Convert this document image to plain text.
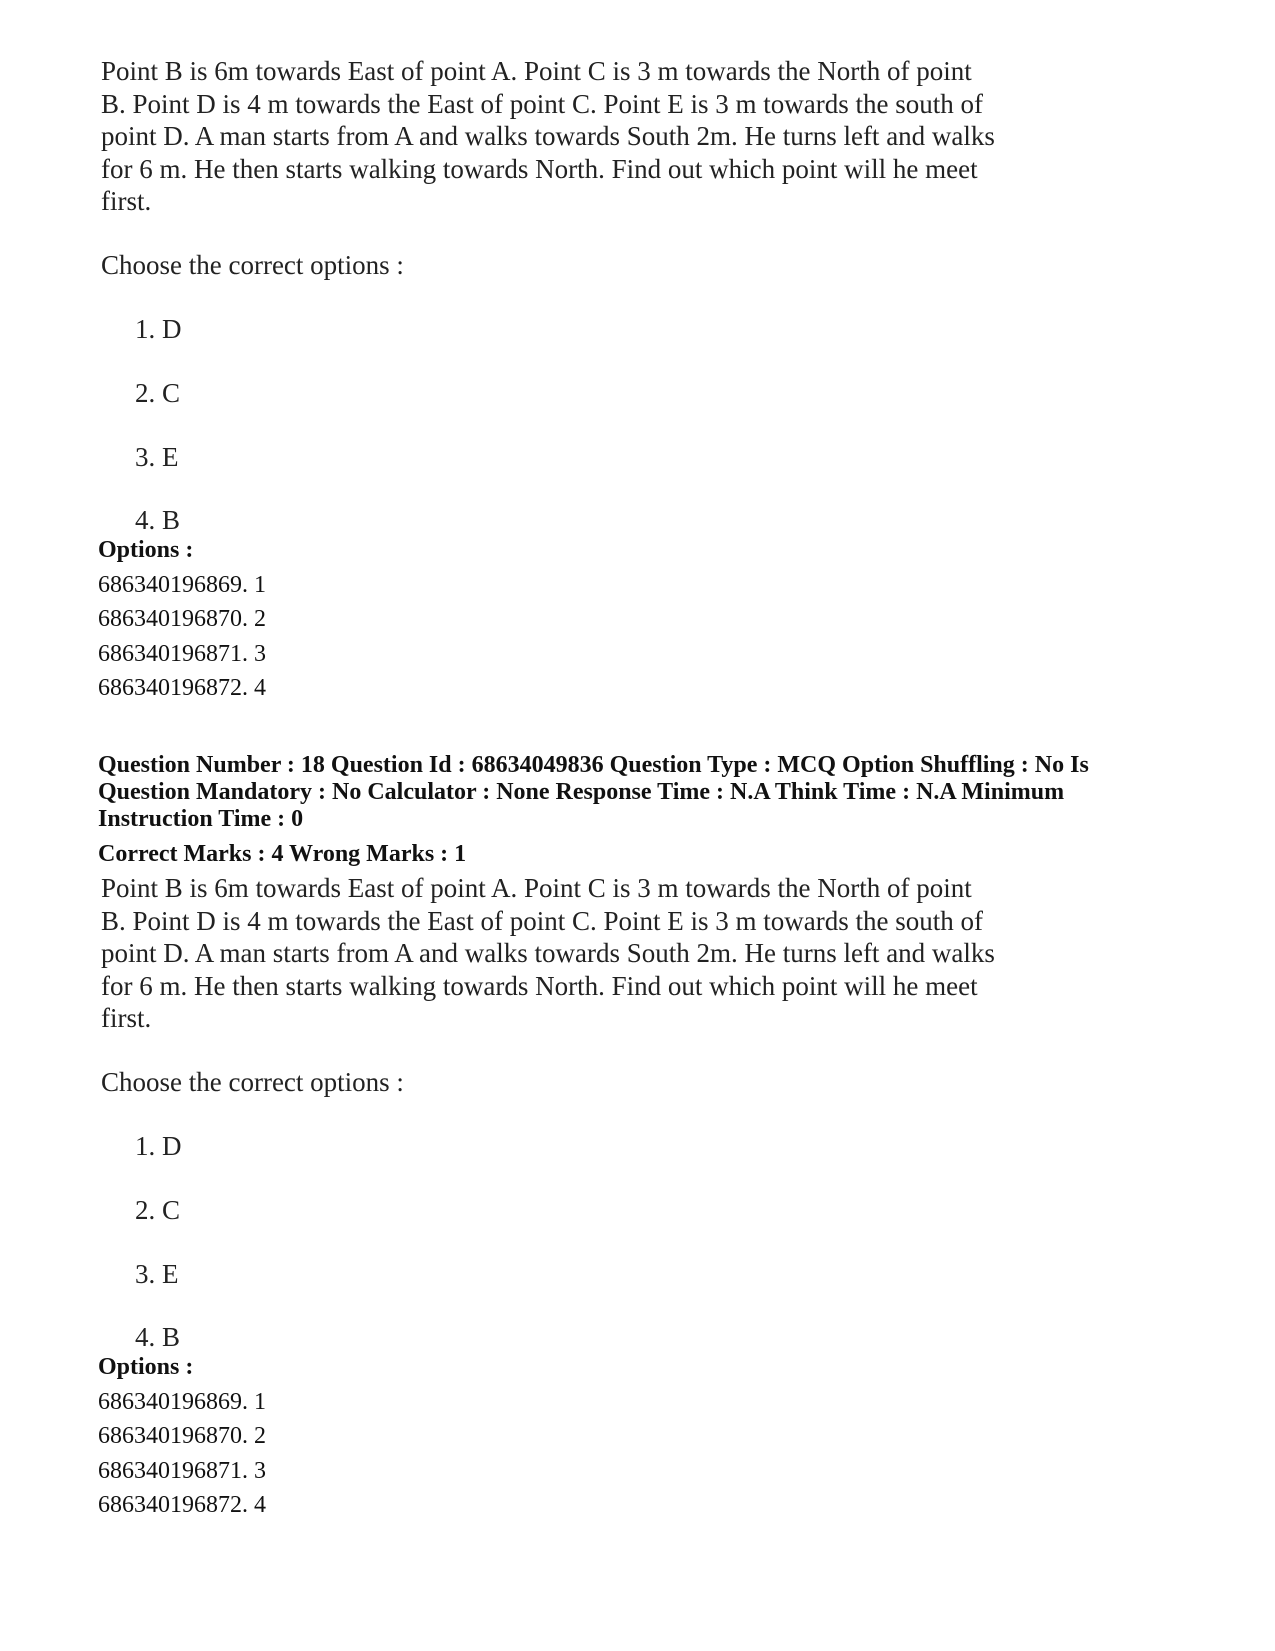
Point B is 6m towards East of point A. Point C is 3 m towards the North of point
B. Point D is 4 m towards the East of point C. Point E is 3 m towards the south of
point D. A man starts from A and walks towards South 2m. He turns left and walks
for 6 m. He then starts walking towards North. Find out which point will he meet
first.
Choose the correct options :
1. D
2. C
3. E
4. B
Options :
686340196869. 1
686340196870. 2
686340196871. 3
686340196872. 4
Question Number : 18 Question Id : 68634049836 Question Type : MCQ Option Shuffling : No Is
Question Mandatory : No Calculator : None Response Time : N.A Think Time : N.A Minimum
Instruction Time : 0
Correct Marks : 4 Wrong Marks : 1
Point B is 6m towards East of point A. Point C is 3 m towards the North of point
B. Point D is 4 m towards the East of point C. Point E is 3 m towards the south of
point D. A man starts from A and walks towards South 2m. He turns left and walks
for 6 m. He then starts walking towards North. Find out which point will he meet
first.
Choose the correct options :
1. D
2. C
3. E
4. B
Options :
686340196869. 1
686340196870. 2
686340196871. 3
686340196872. 4
